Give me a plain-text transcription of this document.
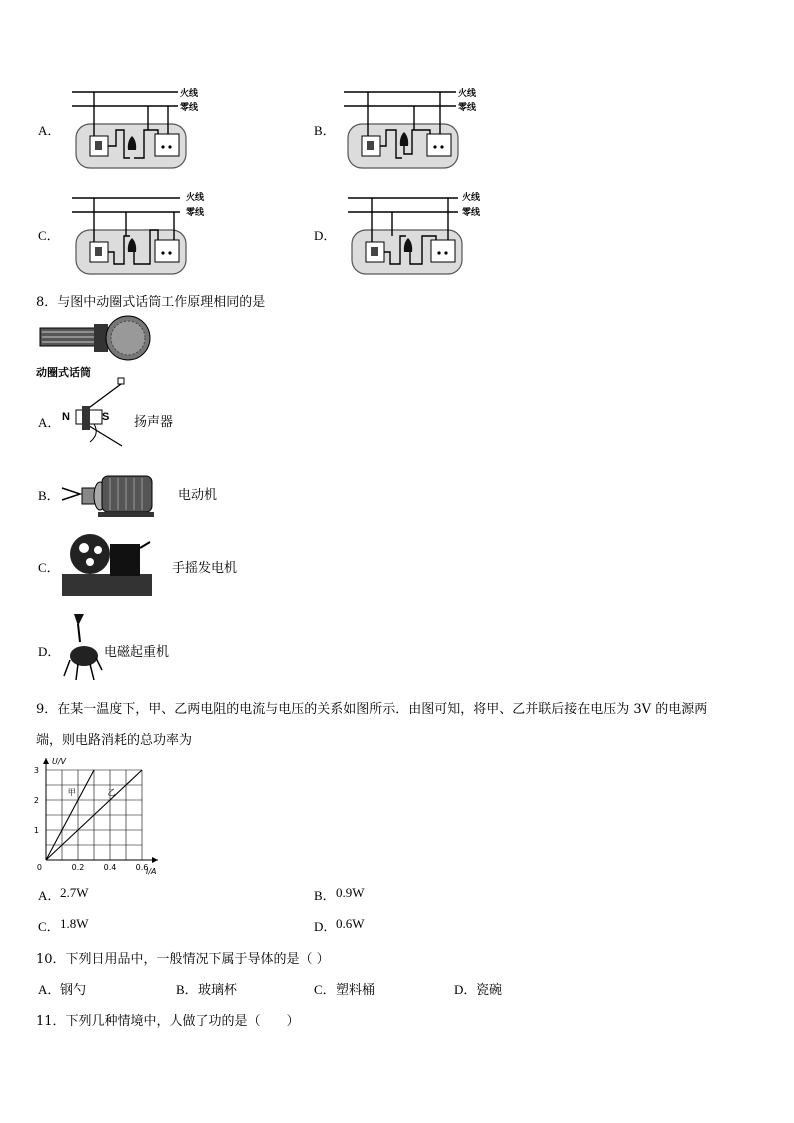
A．
火线
零线
B．
火线
零线
C．
火线
零线
D．
火线
零线
8．与图中动圈式话筒工作原理相同的是
动圈式话筒
A． N	S 扬声器
B．	电动机
C．	手摇发电机
D．	电磁起重机
9．在某一温度下，甲、乙两电阻的电流与电压的关系如图所示．由图可知，将甲、乙并联后接在电压为 3V 的电源两
端，则电路消耗的总功率为
0.2 0.4 0.6
1
2
3
0	I/A
U/V
甲	乙
A． 2.7W	B． 0.9W
C． 1.8W	D． 0.6W
10．下列日用品中，一般情况下属于导体的是（ ）
A． 钢勺	B． 玻璃杯	C． 塑料桶	D． 瓷碗
11．下列几种情境中，人做了功的是（　　）
